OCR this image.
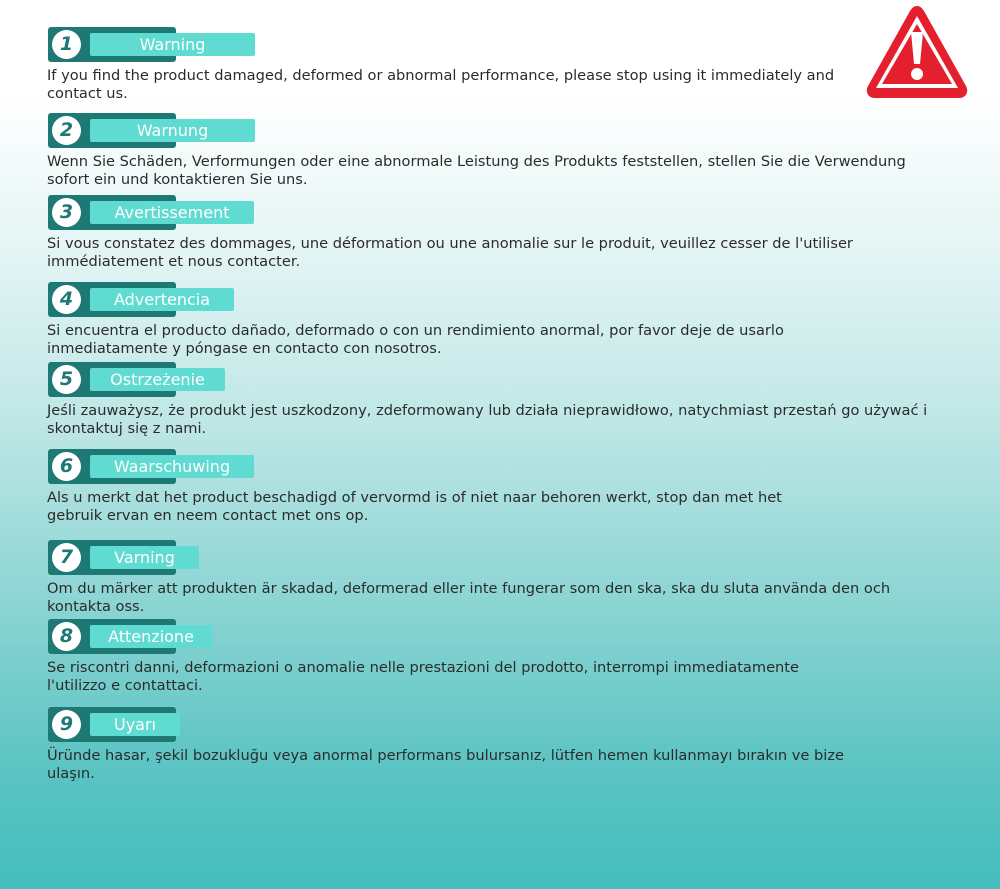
1	Warning
If you find the product damaged, deformed or abnormal performance, please stop using it immediately and contact us.
2	Warnung
Wenn Sie Schäden, Verformungen oder eine abnormale Leistung des Produkts feststellen, stellen Sie die Verwendung sofort ein und kontaktieren Sie uns.
3	Avertissement
Si vous constatez des dommages, une déformation ou une anomalie sur le produit, veuillez cesser de l'utiliser immédiatement et nous contacter.
4	Advertencia
Si encuentra el producto dañado, deformado o con un rendimiento anormal, por favor deje de usarlo inmediatamente y póngase en contacto con nosotros.
5	Ostrzeżenie
Jeśli zauważysz, że produkt jest uszkodzony, zdeformowany lub działa nieprawidłowo, natychmiast przestań go używać i skontaktuj się z nami.
6	Waarschuwing
Als u merkt dat het product beschadigd of vervormd is of niet naar behoren werkt, stop dan met het gebruik ervan en neem contact met ons op.
7	Varning
Om du märker att produkten är skadad, deformerad eller inte fungerar som den ska, ska du sluta använda den och kontakta oss.
8	Attenzione
Se riscontri danni, deformazioni o anomalie nelle prestazioni del prodotto, interrompi immediatamente l'utilizzo e contattaci.
9	Uyarı
Üründe hasar, şekil bozukluğu veya anormal performans bulursanız, lütfen hemen kullanmayı bırakın ve bize ulaşın.
